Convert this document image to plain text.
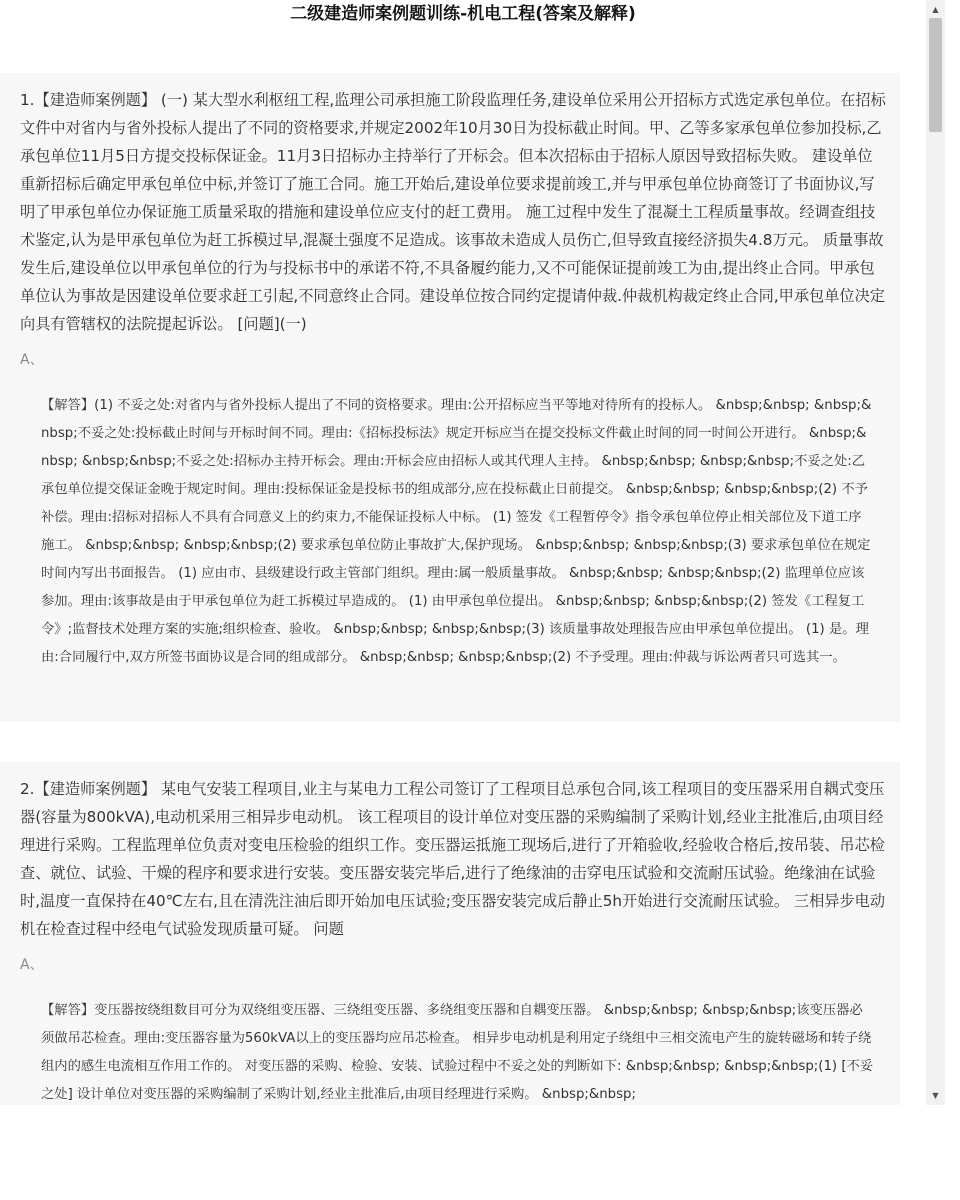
二级建造师案例题训练-机电工程(答案及解释)

1.【建造师案例题】 (一) 某大型水利枢纽工程,监理公司承担施工阶段监理任务,建设单位采用公开招标方式选定承包单位。在招标文件中对省内与省外投标人提出了不同的资格要求,并规定2002年10月30日为投标截止时间。甲、乙等多家承包单位参加投标,乙承包单位11月5日方提交投标保证金。11月3日招标办主持举行了开标会。但本次招标由于招标人原因导致招标失败。 建设单位重新招标后确定甲承包单位中标,并签订了施工合同。施工开始后,建设单位要求提前竣工,并与甲承包单位协商签订了书面协议,写明了甲承包单位办保证施工质量采取的措施和建设单位应支付的赶工费用。 施工过程中发生了混凝土工程质量事故。经调查组技术鉴定,认为是甲承包单位为赶工拆模过早,混凝土强度不足造成。该事故未造成人员伤亡,但导致直接经济损失4.8万元。 质量事故发生后,建设单位以甲承包单位的行为与投标书中的承诺不符,不具备履约能力,又不可能保证提前竣工为由,提出终止合同。甲承包单位认为事故是因建设单位要求赶工引起,不同意终止合同。建设单位按合同约定提请仲裁.仲裁机构裁定终止合同,甲承包单位决定向具有管辖权的法院提起诉讼。 [问题](一)

A、
【解答】(1) 不妥之处:对省内与省外投标人提出了不同的资格要求。理由:公开招标应当平等地对待所有的投标人。 &nbsp;&nbsp; &nbsp;&nbsp;不妥之处:投标截止时间与开标时间不同。理由:《招标投标法》规定开标应当在提交投标文件截止时间的同一时间公开进行。 &nbsp;&nbsp; &nbsp;&nbsp;不妥之处:招标办主持开标会。理由:开标会应由招标人或其代理人主持。 &nbsp;&nbsp; &nbsp;&nbsp;不妥之处:乙承包单位提交保证金晚于规定时间。理由:投标保证金是投标书的组成部分,应在投标截止日前提交。 &nbsp;&nbsp; &nbsp;&nbsp;(2) 不予补偿。理由:招标对招标人不具有合同意义上的约束力,不能保证投标人中标。 (1) 签发《工程暂停令》指令承包单位停止相关部位及下道工序施工。 &nbsp;&nbsp; &nbsp;&nbsp;(2) 要求承包单位防止事故扩大,保护现场。 &nbsp;&nbsp; &nbsp;&nbsp;(3) 要求承包单位在规定时间内写出书面报告。 (1) 应由市、县级建设行政主管部门组织。理由:属一般质量事故。 &nbsp;&nbsp; &nbsp;&nbsp;(2) 监理单位应该参加。理由:该事故是由于甲承包单位为赶工拆模过早造成的。 (1) 由甲承包单位提出。 &nbsp;&nbsp; &nbsp;&nbsp;(2) 签发《工程复工令》;监督技术处理方案的实施;组织检查、验收。 &nbsp;&nbsp; &nbsp;&nbsp;(3) 该质量事故处理报告应由甲承包单位提出。 (1) 是。理由:合同履行中,双方所签书面协议是合同的组成部分。 &nbsp;&nbsp; &nbsp;&nbsp;(2) 不予受理。理由:仲裁与诉讼两者只可选其一。

2.【建造师案例题】 某电气安装工程项目,业主与某电力工程公司签订了工程项目总承包合同,该工程项目的变压器采用自耦式变压器(容量为800kVA),电动机采用三相异步电动机。 该工程项目的设计单位对变压器的采购编制了采购计划,经业主批准后,由项目经理进行采购。工程监理单位负责对变电压检验的组织工作。变压器运抵施工现场后,进行了开箱验收,经验收合格后,按吊装、吊芯检查、就位、试验、干燥的程序和要求进行安装。变压器安装完毕后,进行了绝缘油的击穿电压试验和交流耐压试验。绝缘油在试验时,温度一直保持在40℃左右,且在清洗注油后即开始加电压试验;变压器安装完成后静止5h开始进行交流耐压试验。 三相异步电动机在检查过程中经电气试验发现质量可疑。 问题

A、
【解答】变压器按绕组数目可分为双绕组变压器、三绕组变压器、多绕组变压器和自耦变压器。 &nbsp;&nbsp; &nbsp;&nbsp;该变压器必须做吊芯检查。理由:变压器容量为560kVA以上的变压器均应吊芯检查。 相异步电动机是利用定子绕组中三相交流电产生的旋转磁场和转子绕组内的感生电流相互作用工作的。 对变压器的采购、检验、安装、试验过程中不妥之处的判断如下: &nbsp;&nbsp; &nbsp;&nbsp;(1) [不妥之处] 设计单位对变压器的采购编制了采购计划,经业主批准后,由项目经理进行采购。 &nbsp;&nbsp;
▲
▼
